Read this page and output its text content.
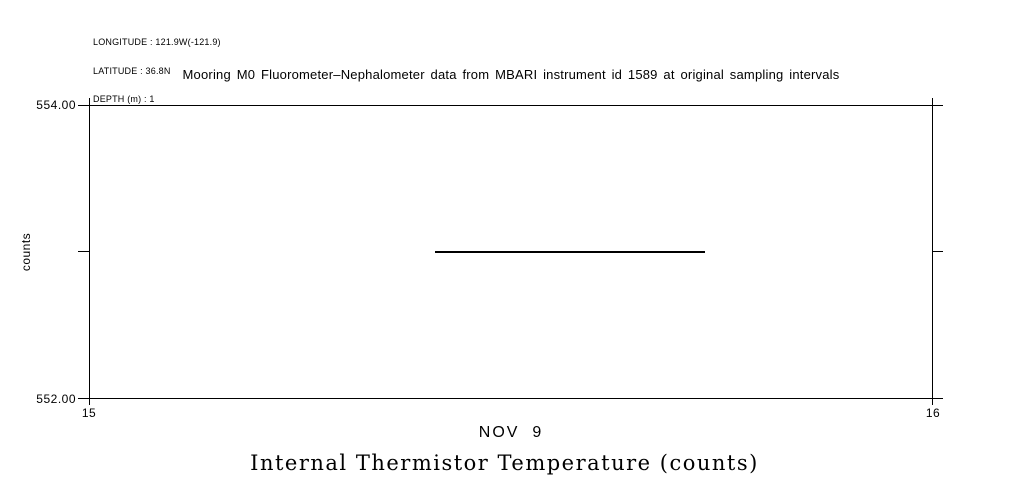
LONGITUDE : 121.9W(-121.9)

LATITUDE : 36.8N

DEPTH (m) : 1

Mooring M0 Fluorometer–Nephalometer data from MBARI instrument id 1589 at original sampling intervals
554.00
552.00
15	16
counts
NOV  9
Internal Thermistor Temperature (counts)
